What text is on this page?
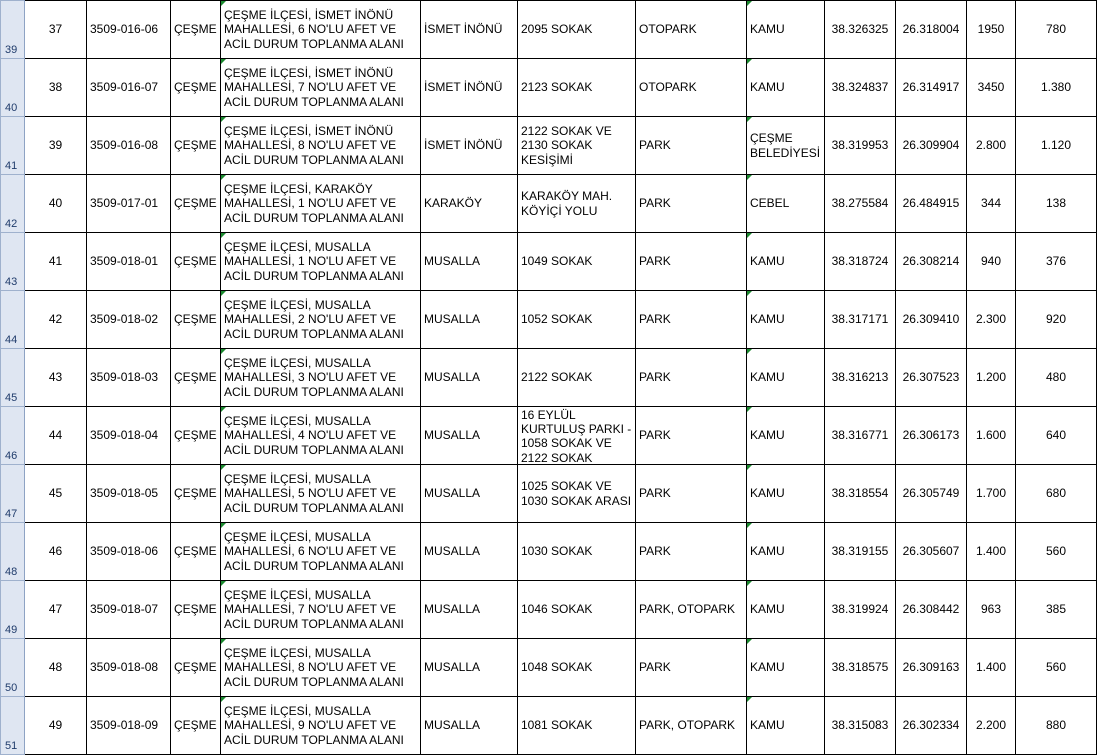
39	37	3509-016-06	ÇEŞME	ÇEŞME İLÇESİ, İSMET İNÖNÜ MAHALLESİ, 6 NO'LU AFET VE ACİL DURUM TOPLANMA ALANI	İSMET İNÖNÜ	2095 SOKAK	OTOPARK	KAMU	38.326325	26.318004	1950	780

40	38	3509-016-07	ÇEŞME	ÇEŞME İLÇESİ, İSMET İNÖNÜ MAHALLESİ, 7 NO'LU AFET VE ACİL DURUM TOPLANMA ALANI	İSMET İNÖNÜ	2123 SOKAK	OTOPARK	KAMU	38.324837	26.314917	3450	1.380

41	39	3509-016-08	ÇEŞME	ÇEŞME İLÇESİ, İSMET İNÖNÜ MAHALLESİ, 8 NO'LU AFET VE ACİL DURUM TOPLANMA ALANI	İSMET İNÖNÜ	2122 SOKAK VE 2130 SOKAK KESİŞİMİ	PARK	ÇEŞME BELEDİYESİ	38.319953	26.309904	2.800	1.120

42	40	3509-017-01	ÇEŞME	ÇEŞME İLÇESİ, KARAKÖY MAHALLESİ, 1 NO'LU AFET VE ACİL DURUM TOPLANMA ALANI	KARAKÖY	KARAKÖY MAH. KÖYİÇİ YOLU	PARK	CEBEL	38.275584	26.484915	344	138

43	41	3509-018-01	ÇEŞME	ÇEŞME İLÇESİ, MUSALLA MAHALLESİ, 1 NO'LU AFET VE ACİL DURUM TOPLANMA ALANI	MUSALLA	1049 SOKAK	PARK	KAMU	38.318724	26.308214	940	376

44	42	3509-018-02	ÇEŞME	ÇEŞME İLÇESİ, MUSALLA MAHALLESİ, 2 NO'LU AFET VE ACİL DURUM TOPLANMA ALANI	MUSALLA	1052 SOKAK	PARK	KAMU	38.317171	26.309410	2.300	920

45	43	3509-018-03	ÇEŞME	ÇEŞME İLÇESİ, MUSALLA MAHALLESİ, 3 NO'LU AFET VE ACİL DURUM TOPLANMA ALANI	MUSALLA	2122 SOKAK	PARK	KAMU	38.316213	26.307523	1.200	480

46	44	3509-018-04	ÇEŞME	ÇEŞME İLÇESİ, MUSALLA MAHALLESİ, 4 NO'LU AFET VE ACİL DURUM TOPLANMA ALANI	MUSALLA	16 EYLÜL KURTULUŞ PARKI - 1058 SOKAK VE 2122 SOKAK	PARK	KAMU	38.316771	26.306173	1.600	640

47	45	3509-018-05	ÇEŞME	ÇEŞME İLÇESİ, MUSALLA MAHALLESİ, 5 NO'LU AFET VE ACİL DURUM TOPLANMA ALANI	MUSALLA	1025 SOKAK VE 1030 SOKAK ARASI	PARK	KAMU	38.318554	26.305749	1.700	680

48	46	3509-018-06	ÇEŞME	ÇEŞME İLÇESİ, MUSALLA MAHALLESİ, 6 NO'LU AFET VE ACİL DURUM TOPLANMA ALANI	MUSALLA	1030 SOKAK	PARK	KAMU	38.319155	26.305607	1.400	560

49	47	3509-018-07	ÇEŞME	ÇEŞME İLÇESİ, MUSALLA MAHALLESİ, 7 NO'LU AFET VE ACİL DURUM TOPLANMA ALANI	MUSALLA	1046 SOKAK	PARK, OTOPARK	KAMU	38.319924	26.308442	963	385

50	48	3509-018-08	ÇEŞME	ÇEŞME İLÇESİ, MUSALLA MAHALLESİ, 8 NO'LU AFET VE ACİL DURUM TOPLANMA ALANI	MUSALLA	1048 SOKAK	PARK	KAMU	38.318575	26.309163	1.400	560

51	49	3509-018-09	ÇEŞME	ÇEŞME İLÇESİ, MUSALLA MAHALLESİ, 9 NO'LU AFET VE ACİL DURUM TOPLANMA ALANI	MUSALLA	1081 SOKAK	PARK, OTOPARK	KAMU	38.315083	26.302334	2.200	880
